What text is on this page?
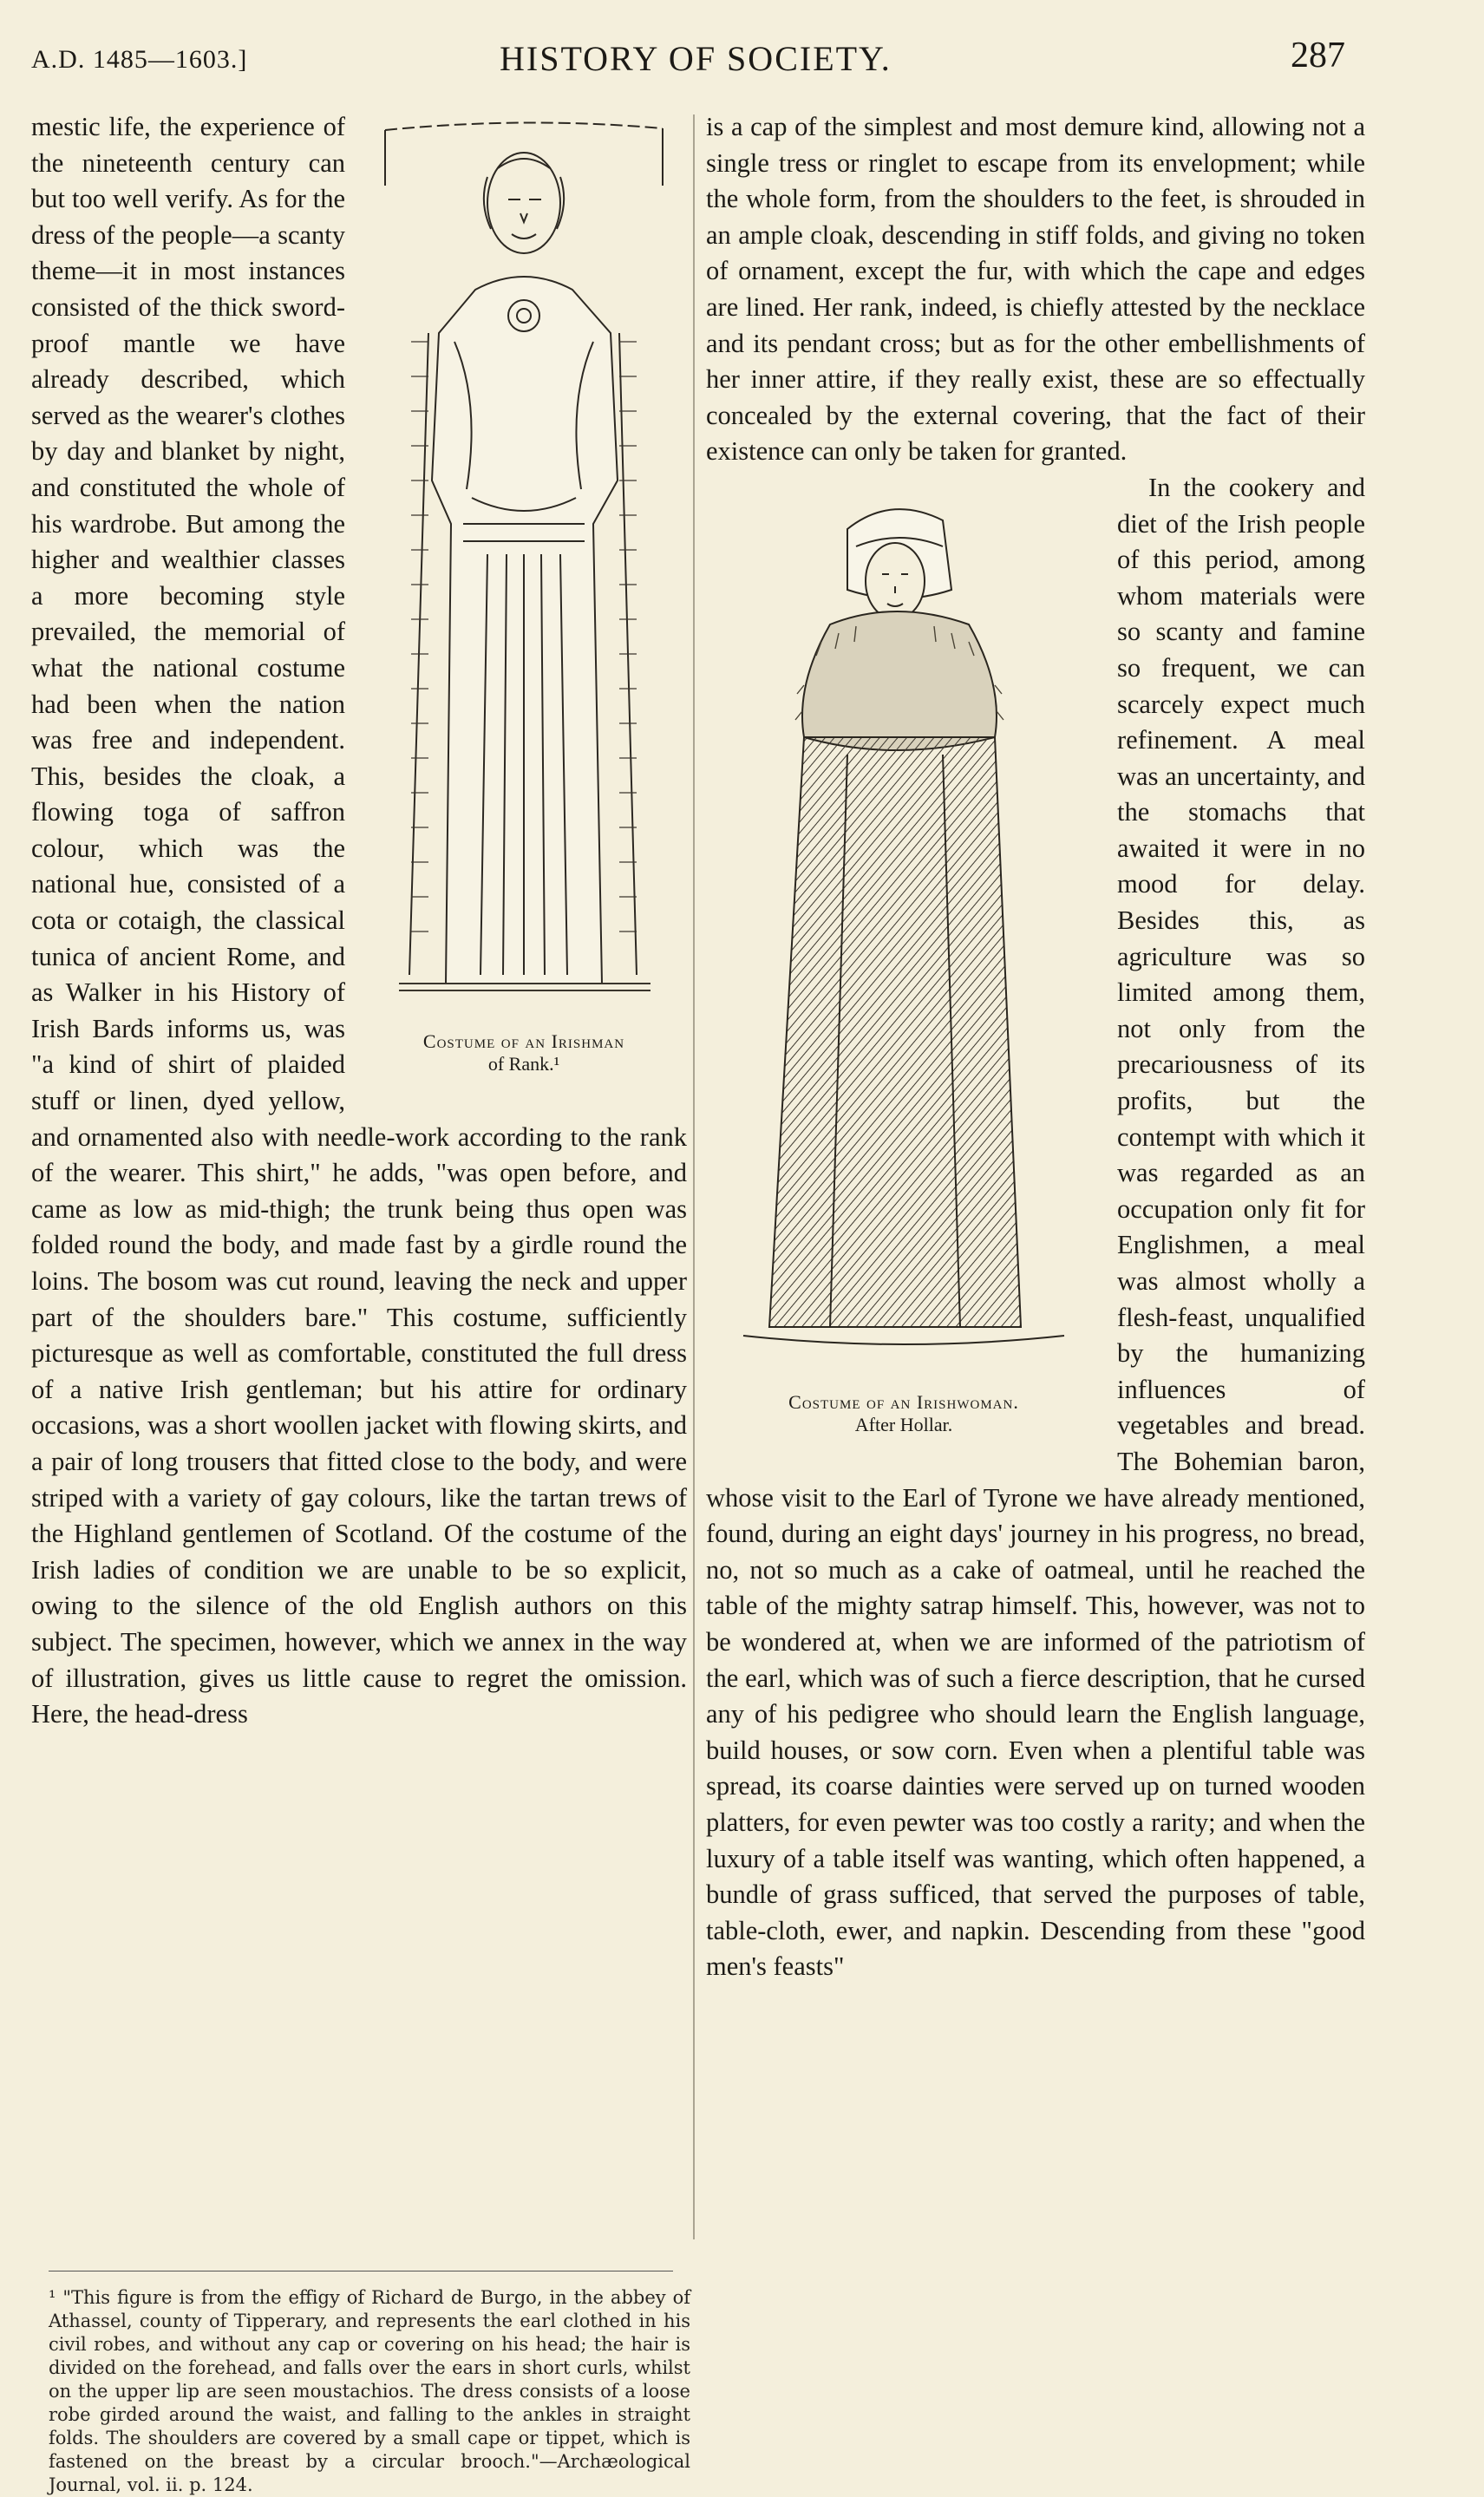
A.D. 1485—1603.]	HISTORY OF SOCIETY.	287
Costume of an Irishman
of Rank.¹

mestic life, the experience of the nineteenth century can but too well verify. As for the dress of the people—a scanty theme—it in most instances consisted of the thick sword-proof mantle we have already described, which served as the wearer's clothes by day and blanket by night, and constituted the whole of his wardrobe. But among the higher and wealthier classes a more becoming style prevailed, the memorial of what the national costume had been when the nation was free and independent. This, besides the cloak, a flowing toga of saffron colour, which was the national hue, consisted of a cota or cotaigh, the classical tunica of ancient Rome, and as Walker in his History of Irish Bards informs us, was "a kind of shirt of plaided stuff or linen, dyed yellow, and ornamented also with needle-work according to the rank of the wearer. This shirt," he adds, "was open before, and came as low as mid-thigh; the trunk being thus open was folded round the body, and made fast by a girdle round the loins. The bosom was cut round, leaving the neck and upper part of the shoulders bare." This costume, sufficiently picturesque as well as comfortable, constituted the full dress of a native Irish gentleman; but his attire for ordinary occasions, was a short woollen jacket with flowing skirts, and a pair of long trousers that fitted close to the body, and were striped with a variety of gay colours, like the tartan trews of the Highland gentlemen of Scotland. Of the costume of the Irish ladies of condition we are unable to be so explicit, owing to the silence of the old English authors on this subject. The specimen, however, which we annex in the way of illustration, gives us little cause to regret the omission. Here, the head-dress

is a cap of the simplest and most demure kind, allowing not a single tress or ringlet to escape from its envelopment; while the whole form, from the shoulders to the feet, is shrouded in an ample cloak, descending in stiff folds, and giving no token of ornament, except the fur, with which the cape and edges are lined. Her rank, indeed, is chiefly attested by the necklace and its pendant cross; but as for the other embellishments of her inner attire, if they really exist, these are so effectually concealed by the external covering, that the fact of their existence can only be taken for granted.

Costume of an Irishwoman.
After Hollar.

In the cookery and diet of the Irish people of this period, among whom materials were so scanty and famine so frequent, we can scarcely expect much refinement. A meal was an uncertainty, and the stomachs that awaited it were in no mood for delay. Besides this, as agriculture was so limited among them, not only from the precariousness of its profits, but the contempt with which it was regarded as an occupation only fit for Englishmen, a meal was almost wholly a flesh-feast, unqualified by the humanizing influences of vegetables and bread. The Bohemian baron, whose visit to the Earl of Tyrone we have already mentioned, found, during an eight days' journey in his progress, no bread, no, not so much as a cake of oatmeal, until he reached the table of the mighty satrap himself. This, however, was not to be wondered at, when we are informed of the patriotism of the earl, which was of such a fierce description, that he cursed any of his pedigree who should learn the English language, build houses, or sow corn. Even when a plentiful table was spread, its coarse dainties were served up on turned wooden platters, for even pewter was too costly a rarity; and when the luxury of a table itself was wanting, which often happened, a bundle of grass sufficed, that served the purposes of table, table-cloth, ewer, and napkin. Descending from these "good men's feasts"

¹ "This figure is from the effigy of Richard de Burgo, in the abbey of Athassel, county of Tipperary, and represents the earl clothed in his civil robes, and without any cap or covering on his head; the hair is divided on the forehead, and falls over the ears in short curls, whilst on the upper lip are seen moustachios. The dress consists of a loose robe girded around the waist, and falling to the ankles in straight folds. The shoulders are covered by a small cape or tippet, which is fastened on the breast by a circular brooch."—Archæological Journal, vol. ii. p. 124.
